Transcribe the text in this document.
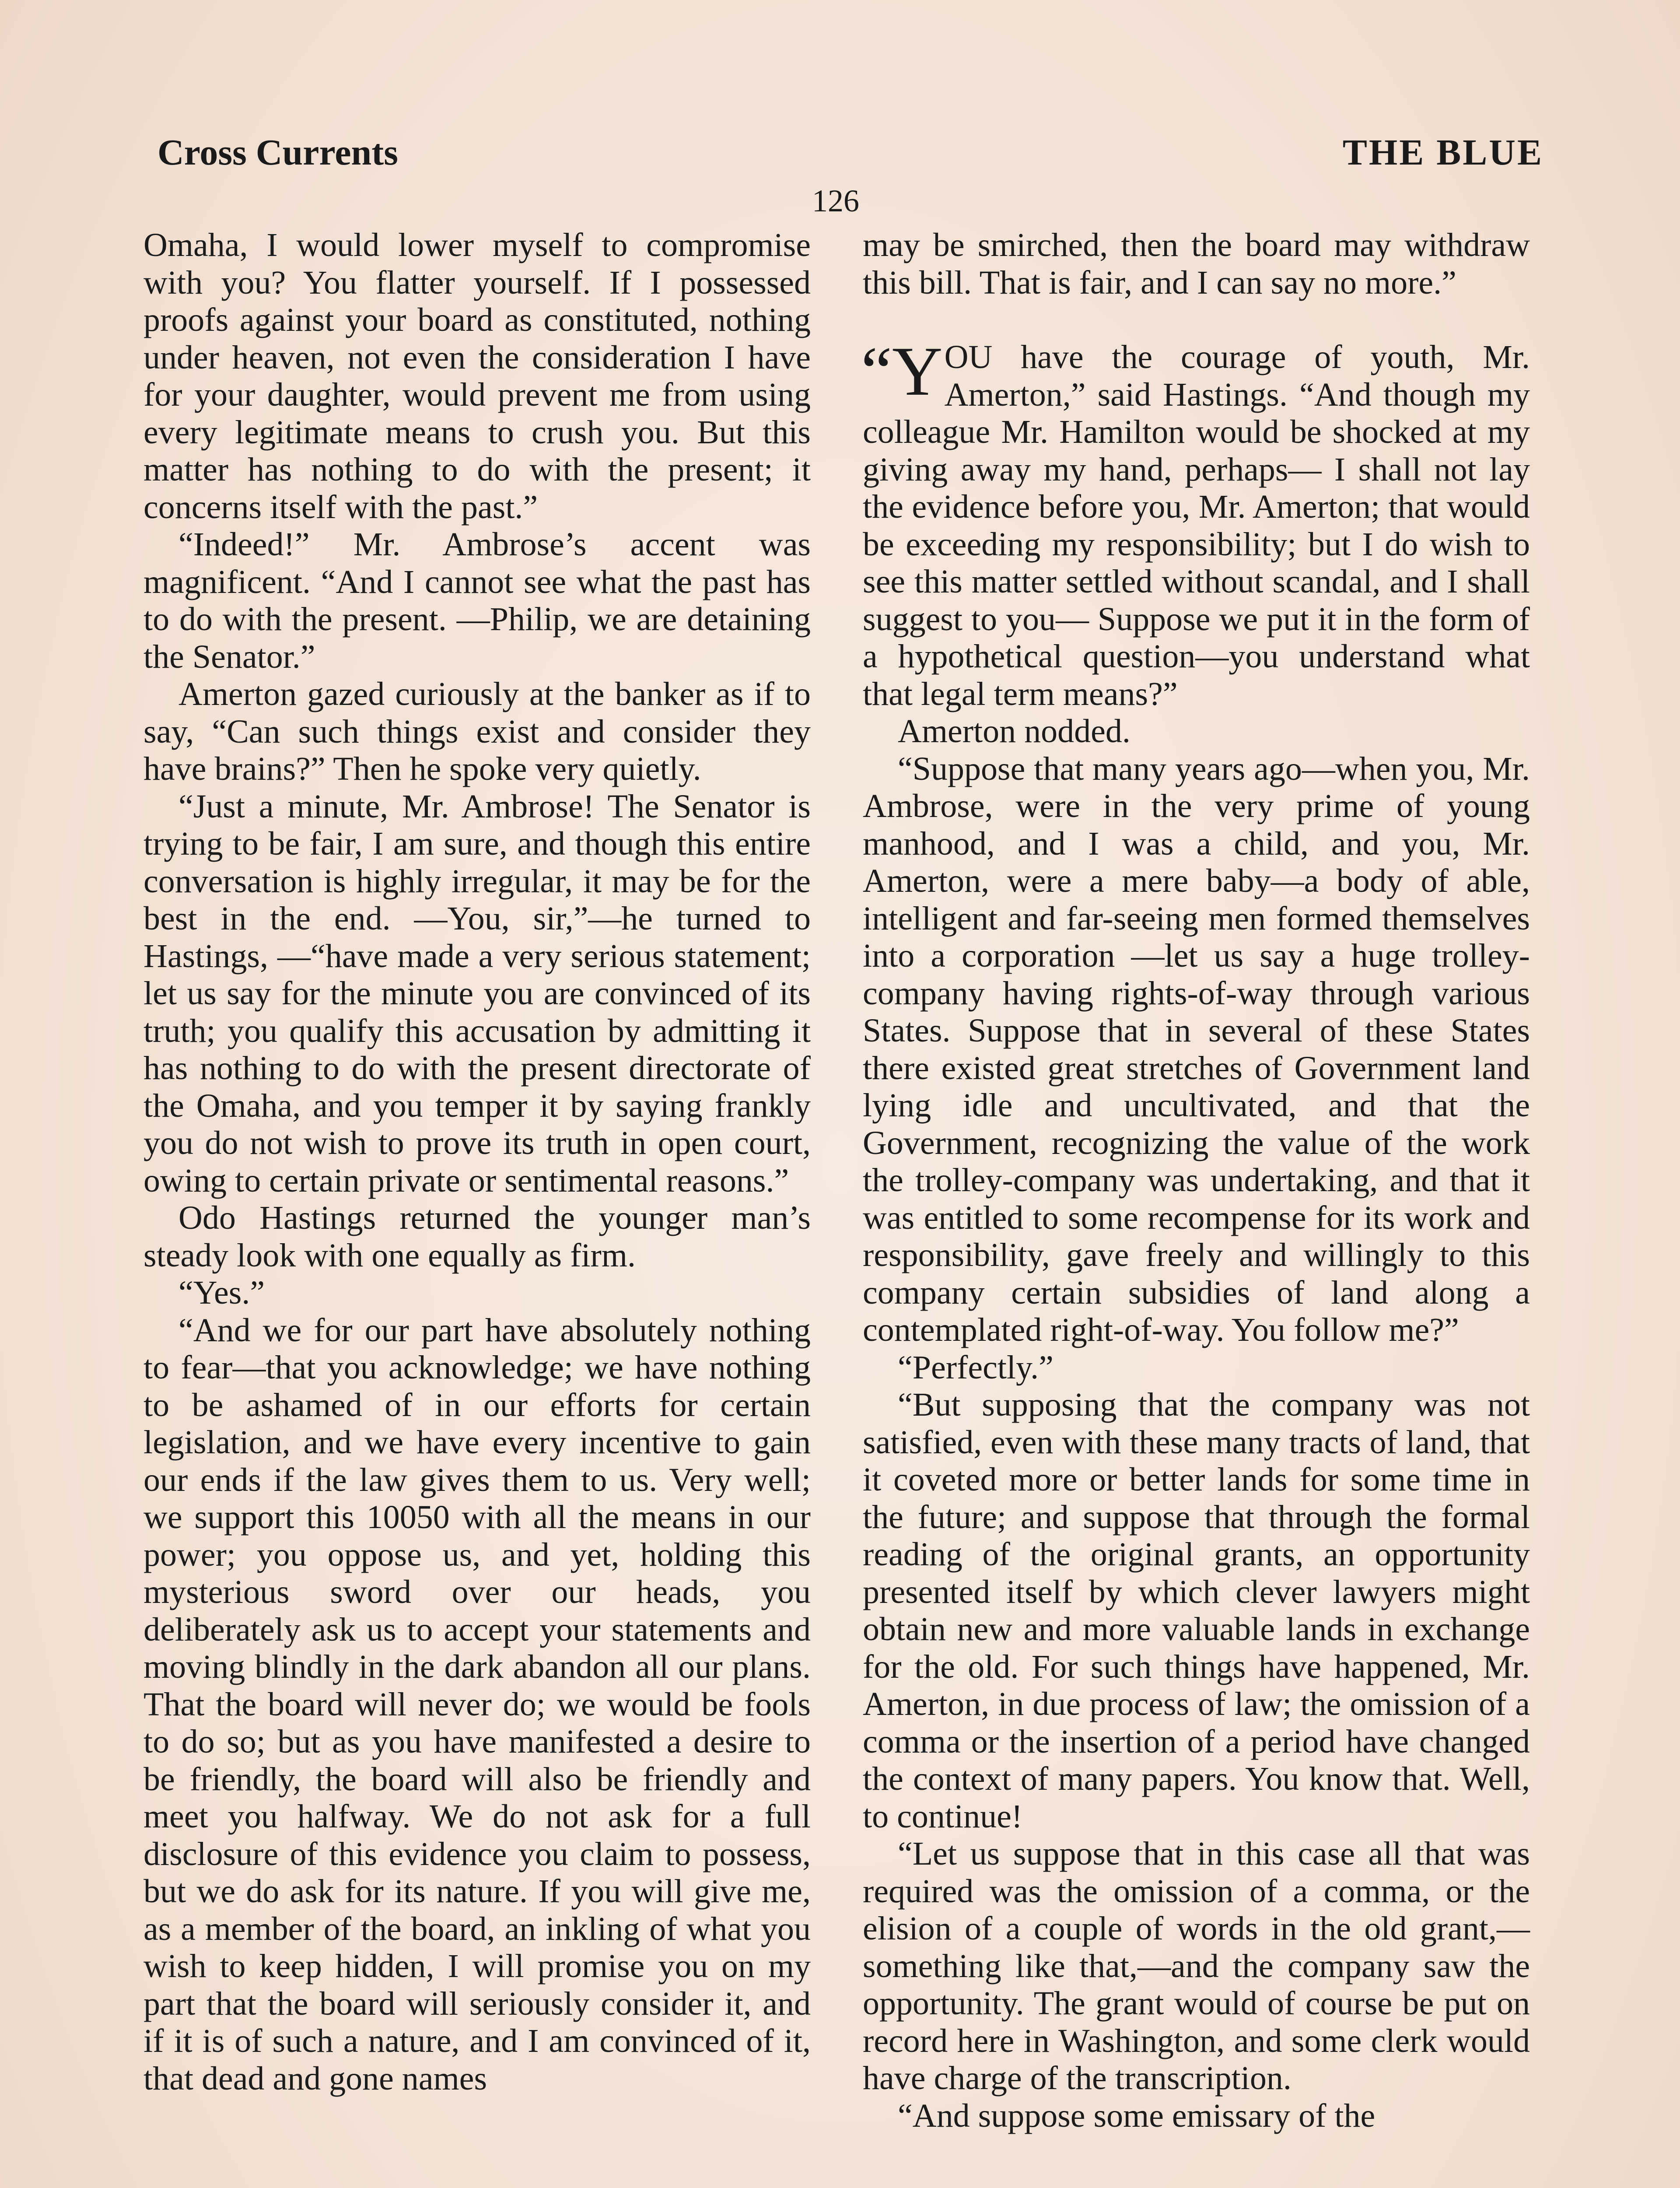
Cross Currents	THE BLUE
126

Omaha, I would lower myself to compromise with you? You flatter yourself. If I possessed proofs against your board as constituted, nothing under heaven, not even the consideration I have for your daughter, would prevent me from using every legitimate means to crush you. But this matter has nothing to do with the present; it concerns itself with the past.”

“Indeed!” Mr. Ambrose’s accent was magnificent. “And I cannot see what the past has to do with the present. —Philip, we are detaining the Senator.”

Amerton gazed curiously at the banker as if to say, “Can such things exist and consider they have brains?” Then he spoke very quietly.

“Just a minute, Mr. Ambrose! The Senator is trying to be fair, I am sure, and though this entire conversation is highly irregular, it may be for the best in the end. —You, sir,”—he turned to Hastings, —“have made a very serious statement; let us say for the minute you are convinced of its truth; you qualify this accusation by admitting it has nothing to do with the present directorate of the Omaha, and you temper it by saying frankly you do not wish to prove its truth in open court, owing to certain private or sentimental reasons.”

Odo Hastings returned the younger man’s steady look with one equally as firm.

“Yes.”

“And we for our part have absolutely nothing to fear—that you acknowledge; we have nothing to be ashamed of in our efforts for certain legislation, and we have every incentive to gain our ends if the law gives them to us. Very well; we support this 10050 with all the means in our power; you oppose us, and yet, holding this mysterious sword over our heads, you deliberately ask us to accept your statements and moving blindly in the dark abandon all our plans. That the board will never do; we would be fools to do so; but as you have manifested a desire to be friendly, the board will also be friendly and meet you halfway. We do not ask for a full disclosure of this evidence you claim to possess, but we do ask for its nature. If you will give me, as a member of the board, an inkling of what you wish to keep hidden, I will promise you on my part that the board will seriously consider it, and if it is of such a nature, and I am convinced of it, that dead and gone names

may be smirched, then the board may withdraw this bill. That is fair, and I can say no more.”

“Y OU have the courage of youth, Mr. Amerton,” said Hastings. “And though my colleague Mr. Hamilton would be shocked at my giving away my hand, perhaps— I shall not lay the evidence before you, Mr. Amerton; that would be exceeding my responsibility; but I do wish to see this matter settled without scandal, and I shall suggest to you— Suppose we put it in the form of a hypothetical question—you understand what that legal term means?”

Amerton nodded.

“Suppose that many years ago—when you, Mr. Ambrose, were in the very prime of young manhood, and I was a child, and you, Mr. Amerton, were a mere baby—a body of able, intelligent and far-seeing men formed themselves into a corporation —let us say a huge trolley-company having rights-of-way through various States. Suppose that in several of these States there existed great stretches of Government land lying idle and uncultivated, and that the Government, recognizing the value of the work the trolley-company was undertaking, and that it was entitled to some recompense for its work and responsibility, gave freely and willingly to this company certain subsidies of land along a contemplated right-of-way. You follow me?”

“Perfectly.”

“But supposing that the company was not satisfied, even with these many tracts of land, that it coveted more or better lands for some time in the future; and suppose that through the formal reading of the original grants, an opportunity presented itself by which clever lawyers might obtain new and more valuable lands in exchange for the old. For such things have happened, Mr. Amerton, in due process of law; the omission of a comma or the insertion of a period have changed the context of many papers. You know that. Well, to continue!

“Let us suppose that in this case all that was required was the omission of a comma, or the elision of a couple of words in the old grant,—something like that,—and the company saw the opportunity. The grant would of course be put on record here in Washington, and some clerk would have charge of the transcription.

“And suppose some emissary of the
